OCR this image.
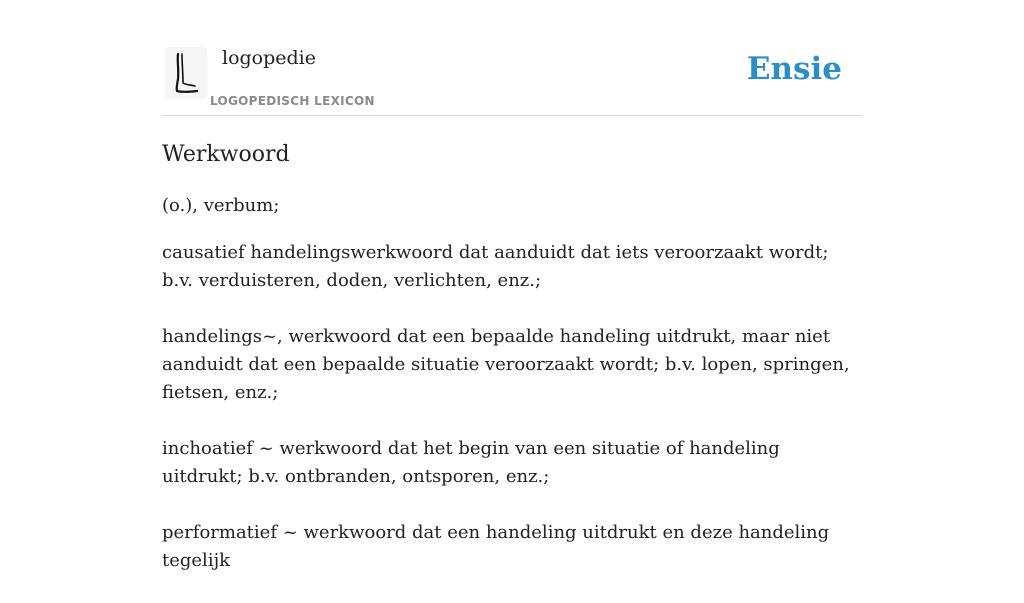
logopedie
LOGOPEDISCH LEXICON
Ensie
Werkwoord

(o.), verbum;

causatief handelingswerkwoord dat aanduidt dat iets veroorzaakt wordt; b.v. verduisteren, doden, verlichten, enz.;

handelings~, werkwoord dat een bepaalde handeling uitdrukt, maar niet aanduidt dat een bepaalde situatie veroorzaakt wordt; b.v. lopen, springen, fietsen, enz.;

inchoatief ~ werkwoord dat het begin van een situatie of handeling uitdrukt; b.v. ontbranden, ontsporen, enz.;

performatief ~ werkwoord dat een handeling uitdrukt en deze handeling tegelijk
